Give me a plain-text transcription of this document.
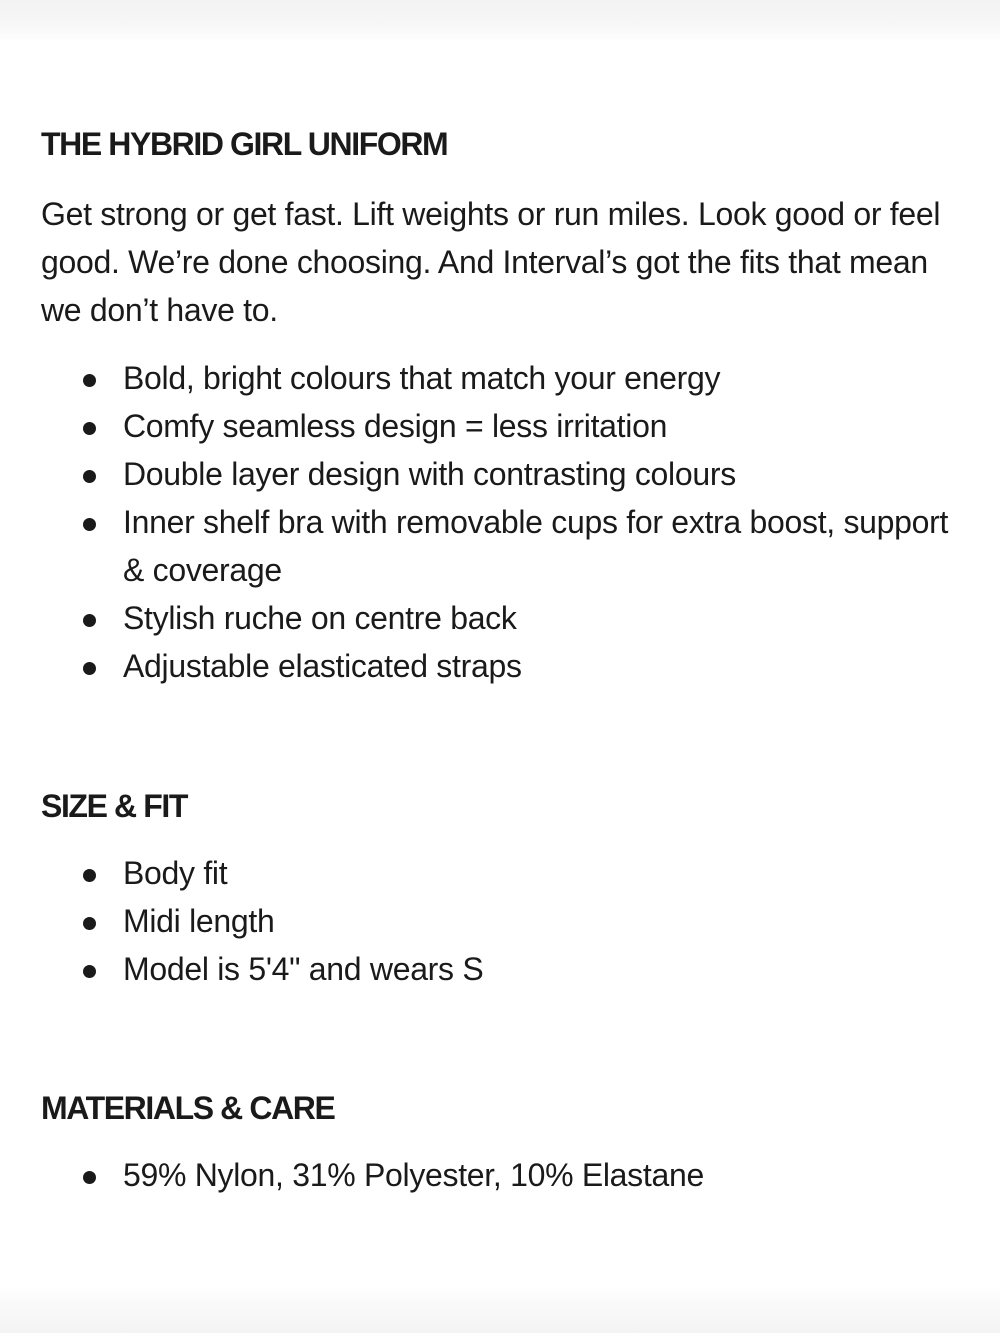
THE HYBRID GIRL UNIFORM

Get strong or get fast. Lift weights or run miles. Look good or feel good. We’re done choosing. And Interval’s got the fits that mean we don’t have to.

Bold, bright colours that match your energy
Comfy seamless design = less irritation
Double layer design with contrasting colours
Inner shelf bra with removable cups for extra boost, support & coverage
Stylish ruche on centre back
Adjustable elasticated straps
SIZE & FIT
Body fit
Midi length
Model is 5'4" and wears S
MATERIALS & CARE
59% Nylon, 31% Polyester, 10% Elastane
